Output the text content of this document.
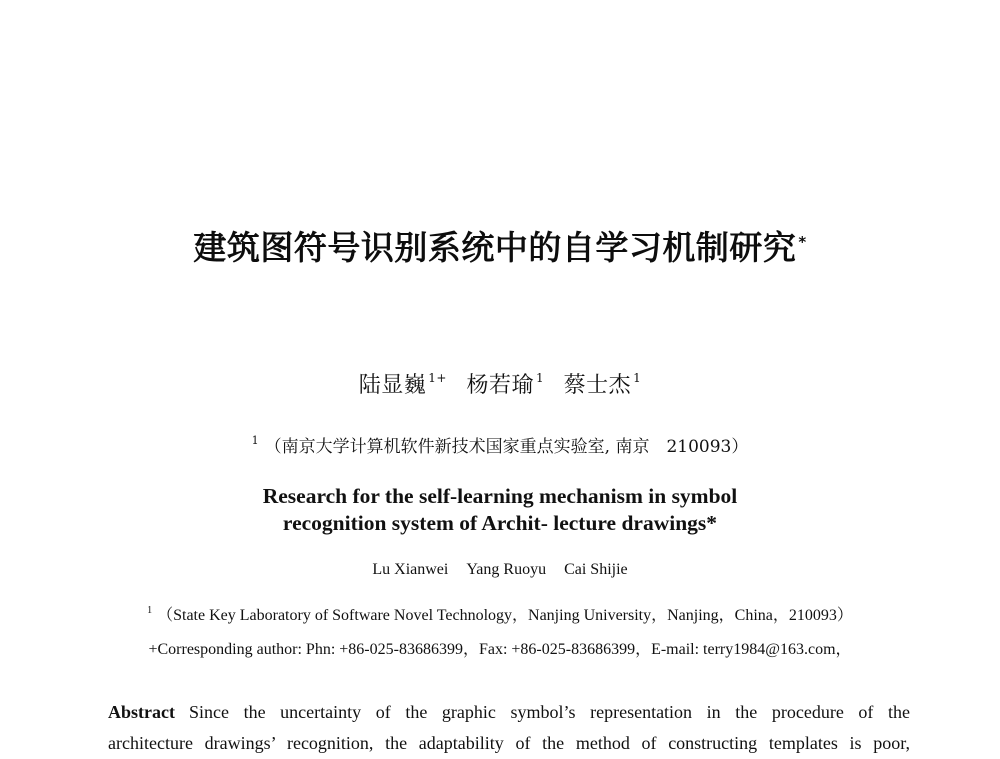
建筑图符号识别系统中的自学习机制研究 *
陆显巍 $^{1+}$ 杨若瑜 $^1$ 蔡士杰 $^1$
$^1$ （南京大学计算机软件新技术国家重点实验室, 南京　210093）
Research for the self-learning mechanism in symbol
recognition system of Archit- lecture drawings*
Lu Xianwei Yang Ruoyu Cai Shijie
$^1$ （State Key Laboratory of Software Novel Technology，Nanjing University，Nanjing，China，210093）
+Corresponding author: Phn: +86-025-83686399，Fax: +86-025-83686399，E-mail: terry1984@163.com，
Abstract Since the uncertainty of the graphic symbol’s representation in the procedure of the
architecture drawings’ recognition, the adaptability of the method of constructing templates is poor,
